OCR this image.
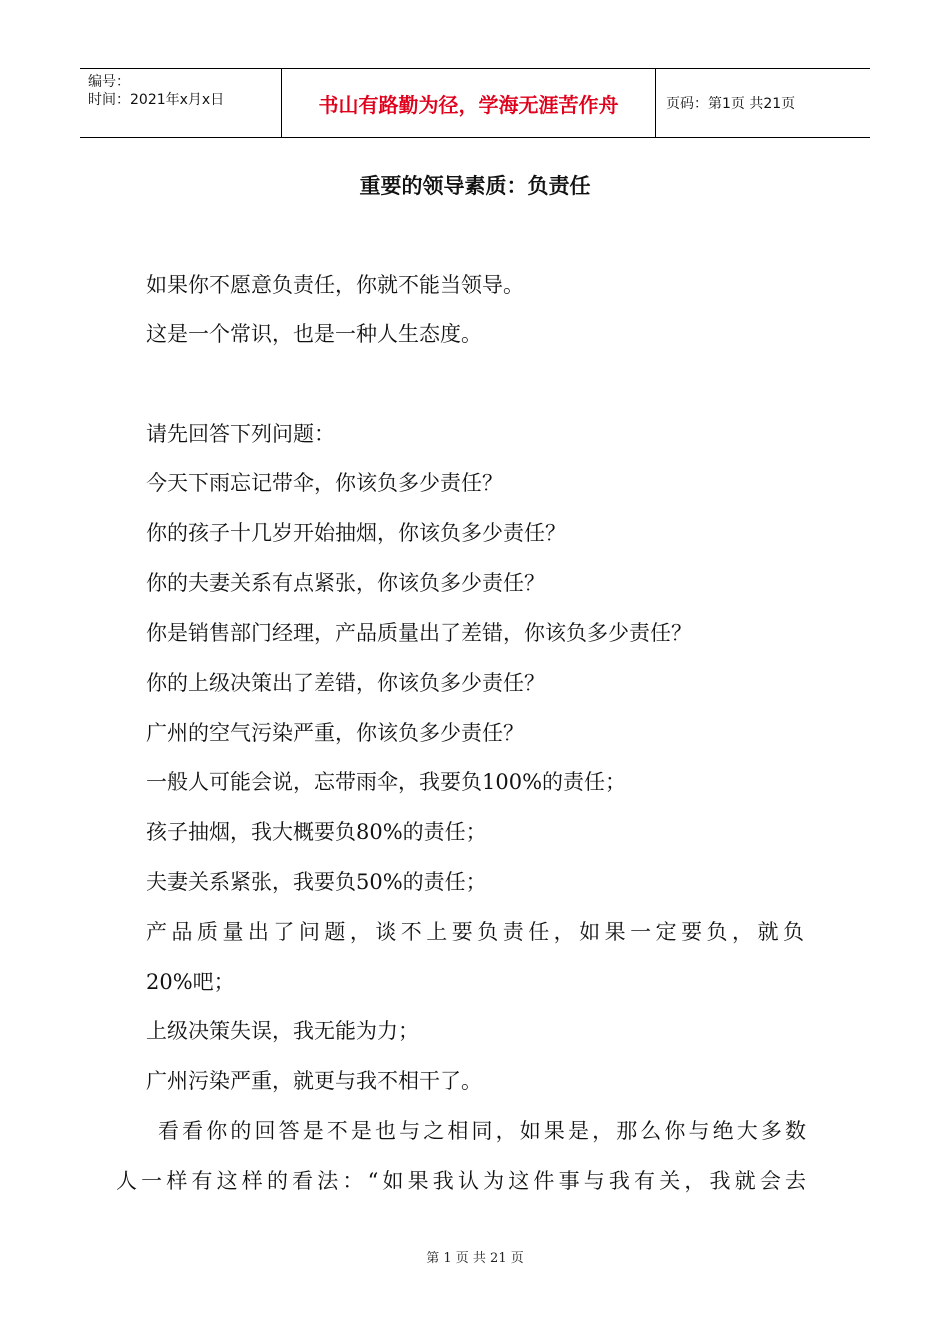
编号：
时间：2021年x月x日	书山有路勤为径，学海无涯苦作舟	页码：第1页 共21页
重要的领导素质：负责任
如果你不愿意负责任，你就不能当领导。
这是一个常识，也是一种人生态度。
请先回答下列问题：
今天下雨忘记带伞，你该负多少责任？
你的孩子十几岁开始抽烟，你该负多少责任？
你的夫妻关系有点紧张，你该负多少责任？
你是销售部门经理，产品质量出了差错，你该负多少责任？
你的上级决策出了差错，你该负多少责任？
广州的空气污染严重，你该负多少责任？
一般人可能会说，忘带雨伞，我要负100%的责任；
孩子抽烟，我大概要负80%的责任；
夫妻关系紧张，我要负50%的责任；
产品质量出了问题，谈不上要负责任，如果一定要负，就负
20%吧；
上级决策失误，我无能为力；
广州污染严重，就更与我不相干了。
看看你的回答是不是也与之相同，如果是，那么你与绝大多数
人一样有这样的看法：“如果我认为这件事与我有关，我就会去
第 1 页 共 21 页
